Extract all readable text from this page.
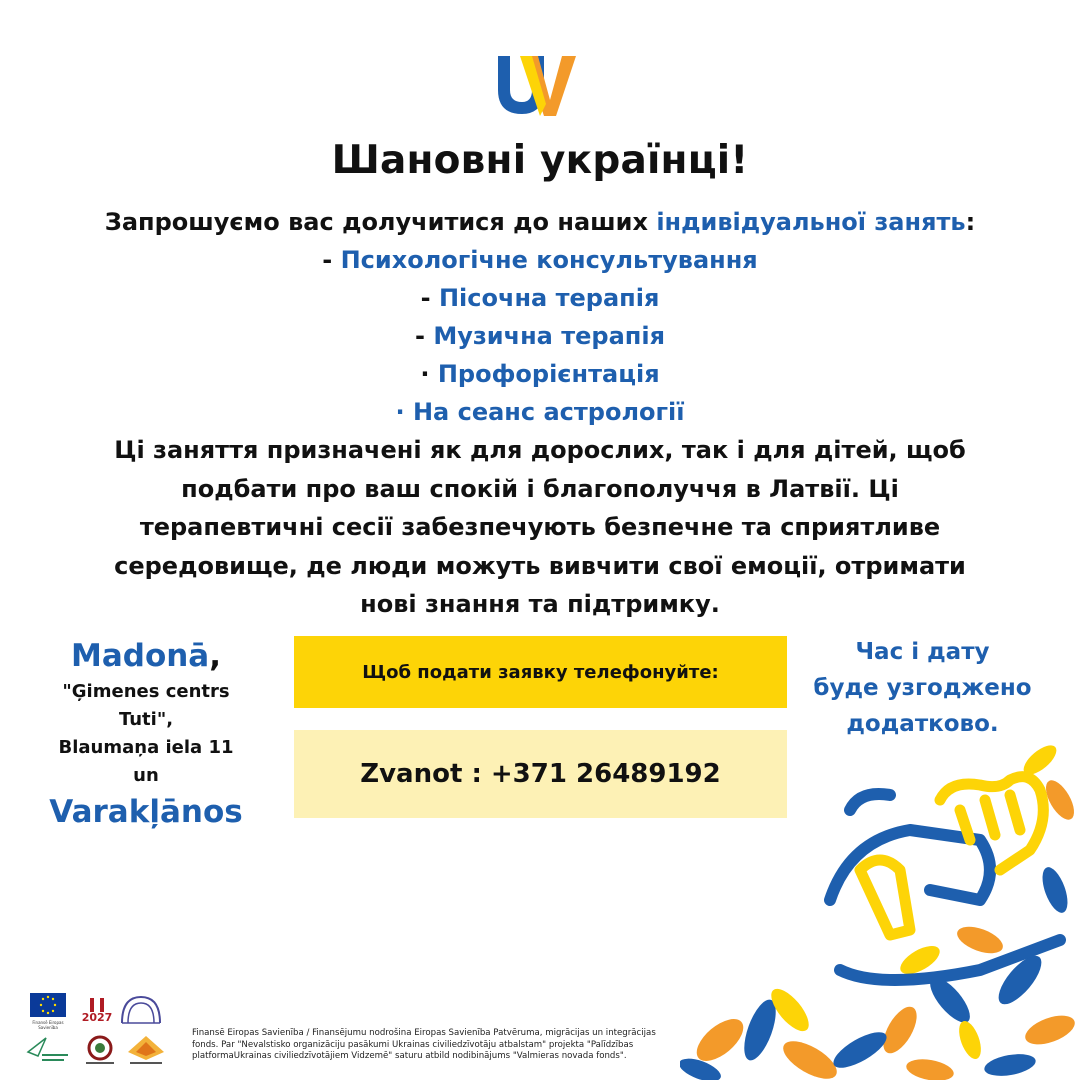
Шановні українці!
Запрошуємо вас долучитися до наших індивідуальної занять:
- Психологічне консультування
- Пісочна терапія
- Музична терапія
· Профорієнтація
· На сеанс астрології
Ці заняття призначені як для дорослих, так і для дітей, щоб
подбати про ваш спокій і благополуччя в Латвії. Ці
терапевтичні сесії забезпечують безпечне та сприятливе
середовище, де люди можуть вивчити свої емоції, отримати
нові знання та підтримку.
Madonā,
"Ģimenes centrs
Tuti",
Blaumaņa iela 11
un
Varakļānos
Щоб подати заявку телефонуйте:
Zvanot : +371 26489192
Час і дату
буде узгоджено
додатково.
Finansē Eiropas Savienība
2027
Finansē Eiropas Savienība / Finansējumu nodrošina Eiropas Savienība Patvēruma, migrācijas un integrācijas
fonds. Par "Nevalstisko organizāciju pasākumi Ukrainas civiliedzīvotāju atbalstam" projekta "Palīdzības
platformaUkrainas civiliedzīvotājiem Vidzemē" saturu atbild nodibinājums "Valmieras novada fonds".
